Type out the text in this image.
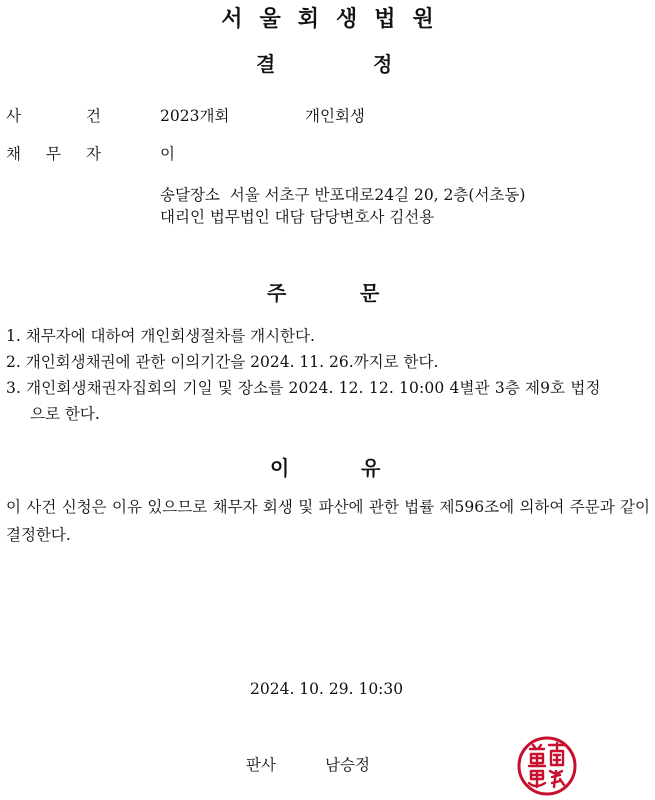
서울회생법원
결	정
사	건	2023개회	개인회생
채 무 자	이
송달장소  서울 서초구 반포대로24길 20, 2층(서초동)
대리인 법무법인 대담 담당변호사 김선용
주	문
1. 채무자에 대하여 개인회생절차를 개시한다.
2. 개인회생채권에 관한 이의기간을 2024. 11. 26.까지로 한다.
3. 개인회생채권자집회의 기일 및 장소를 2024. 12. 12. 10:00 4별관 3층 제9호 법정
으로 한다.
이	유
이 사건 신청은 이유 있으므로 채무자 회생 및 파산에 관한 법률 제596조에 의하여 주문과 같이 결정한다.
2024. 10. 29. 10:30
판사	남승정
